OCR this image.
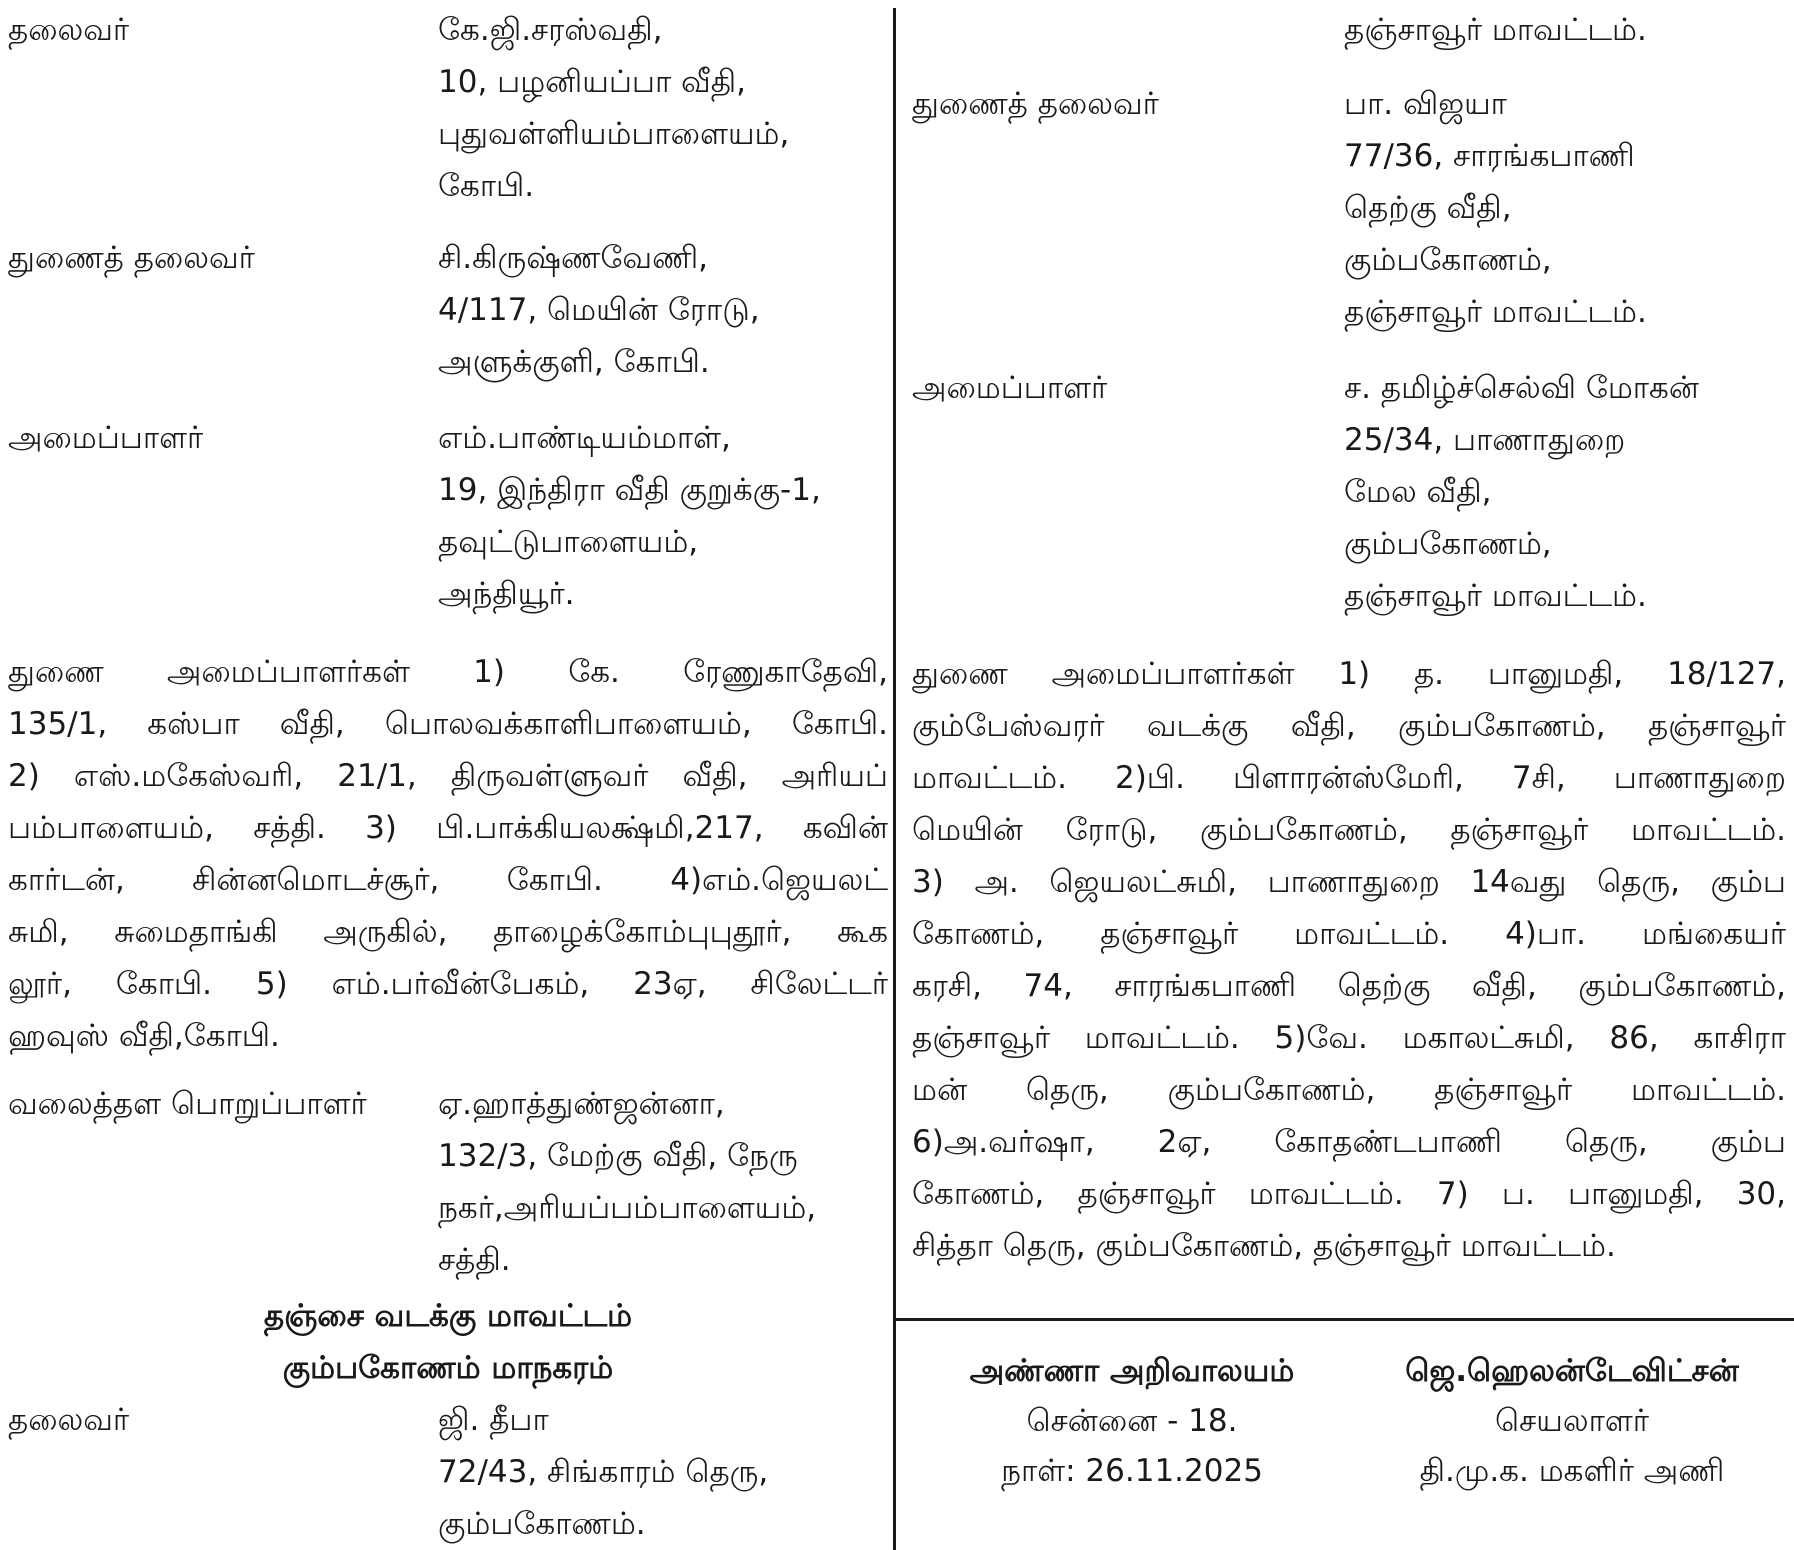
தலைவர்	கே.ஜி.சரஸ்வதி,
10, பழனியப்பா வீதி,
புதுவள்ளியம்பாளையம்,
கோபி.
துணைத் தலைவர்	சி.கிருஷ்ணவேணி,
4/117, மெயின் ரோடு,
அளுக்குளி, கோபி.
அமைப்பாளர்	எம்.பாண்டியம்மாள்,
19, இந்திரா வீதி குறுக்கு-1,
தவுட்டுபாளையம்,
அந்தியூர்.
துணை அமைப்பாளர்கள் 1) கே. ரேணுகாதேவி,
135/1, கஸ்பா வீதி, பொலவக்காளிபாளையம், கோபி.
2) எஸ்.மகேஸ்வரி, 21/1, திருவள்ளுவர் வீதி, அரியப்
பம்பாளையம், சத்தி. 3) பி.பாக்கியலக்ஷ்மி,217, கவின்
கார்டன், சின்னமொடச்சூர், கோபி. 4)எம்.ஜெயலட்
சுமி, சுமைதாங்கி அருகில், தாழைக்கோம்புபுதூர், கூக
லூர், கோபி. 5) எம்.பர்வீன்பேகம், 23ஏ, சிலேட்டர்
ஹவுஸ் வீதி,கோபி.
வலைத்தள பொறுப்பாளர் ஏ.ஹாத்துண்ஜன்னா,
132/3, மேற்கு வீதி, நேரு
நகர்,அரியப்பம்பாளையம்,
சத்தி.
தஞ்சை வடக்கு மாவட்டம்
கும்பகோணம் மாநகரம்
தலைவர்	ஜி. தீபா
72/43, சிங்காரம் தெரு,
கும்பகோணம்.
தஞ்சாவூர் மாவட்டம்.
துணைத் தலைவர்	பா. விஜயா
77/36, சாரங்கபாணி
தெற்கு வீதி,
கும்பகோணம்,
தஞ்சாவூர் மாவட்டம்.
அமைப்பாளர்	ச. தமிழ்ச்செல்வி மோகன்
25/34, பாணாதுறை
மேல வீதி,
கும்பகோணம்,
தஞ்சாவூர் மாவட்டம்.
துணை அமைப்பாளர்கள் 1) த. பானுமதி, 18/127,
கும்பேஸ்வரர் வடக்கு வீதி, கும்பகோணம், தஞ்சாவூர்
மாவட்டம். 2)பி. பிளாரன்ஸ்மேரி, 7சி, பாணாதுறை
மெயின் ரோடு, கும்பகோணம், தஞ்சாவூர் மாவட்டம்.
3) அ. ஜெயலட்சுமி, பாணாதுறை 14வது தெரு, கும்ப
கோணம், தஞ்சாவூர் மாவட்டம். 4)பா. மங்கையர்
கரசி, 74, சாரங்கபாணி தெற்கு வீதி, கும்பகோணம்,
தஞ்சாவூர் மாவட்டம். 5)வே. மகாலட்சுமி, 86, காசிரா
மன் தெரு, கும்பகோணம், தஞ்சாவூர் மாவட்டம்.
6)அ.வர்ஷா, 2ஏ, கோதண்டபாணி தெரு, கும்ப
கோணம், தஞ்சாவூர் மாவட்டம். 7) ப. பானுமதி, 30,
சித்தா தெரு, கும்பகோணம், தஞ்சாவூர் மாவட்டம்.
அண்ணா அறிவாலயம்
சென்னை - 18.
நாள்: 26.11.2025
ஜெ.ஹெலன்டேவிட்சன்
செயலாளர்
தி.மு.க. மகளிர் அணி
